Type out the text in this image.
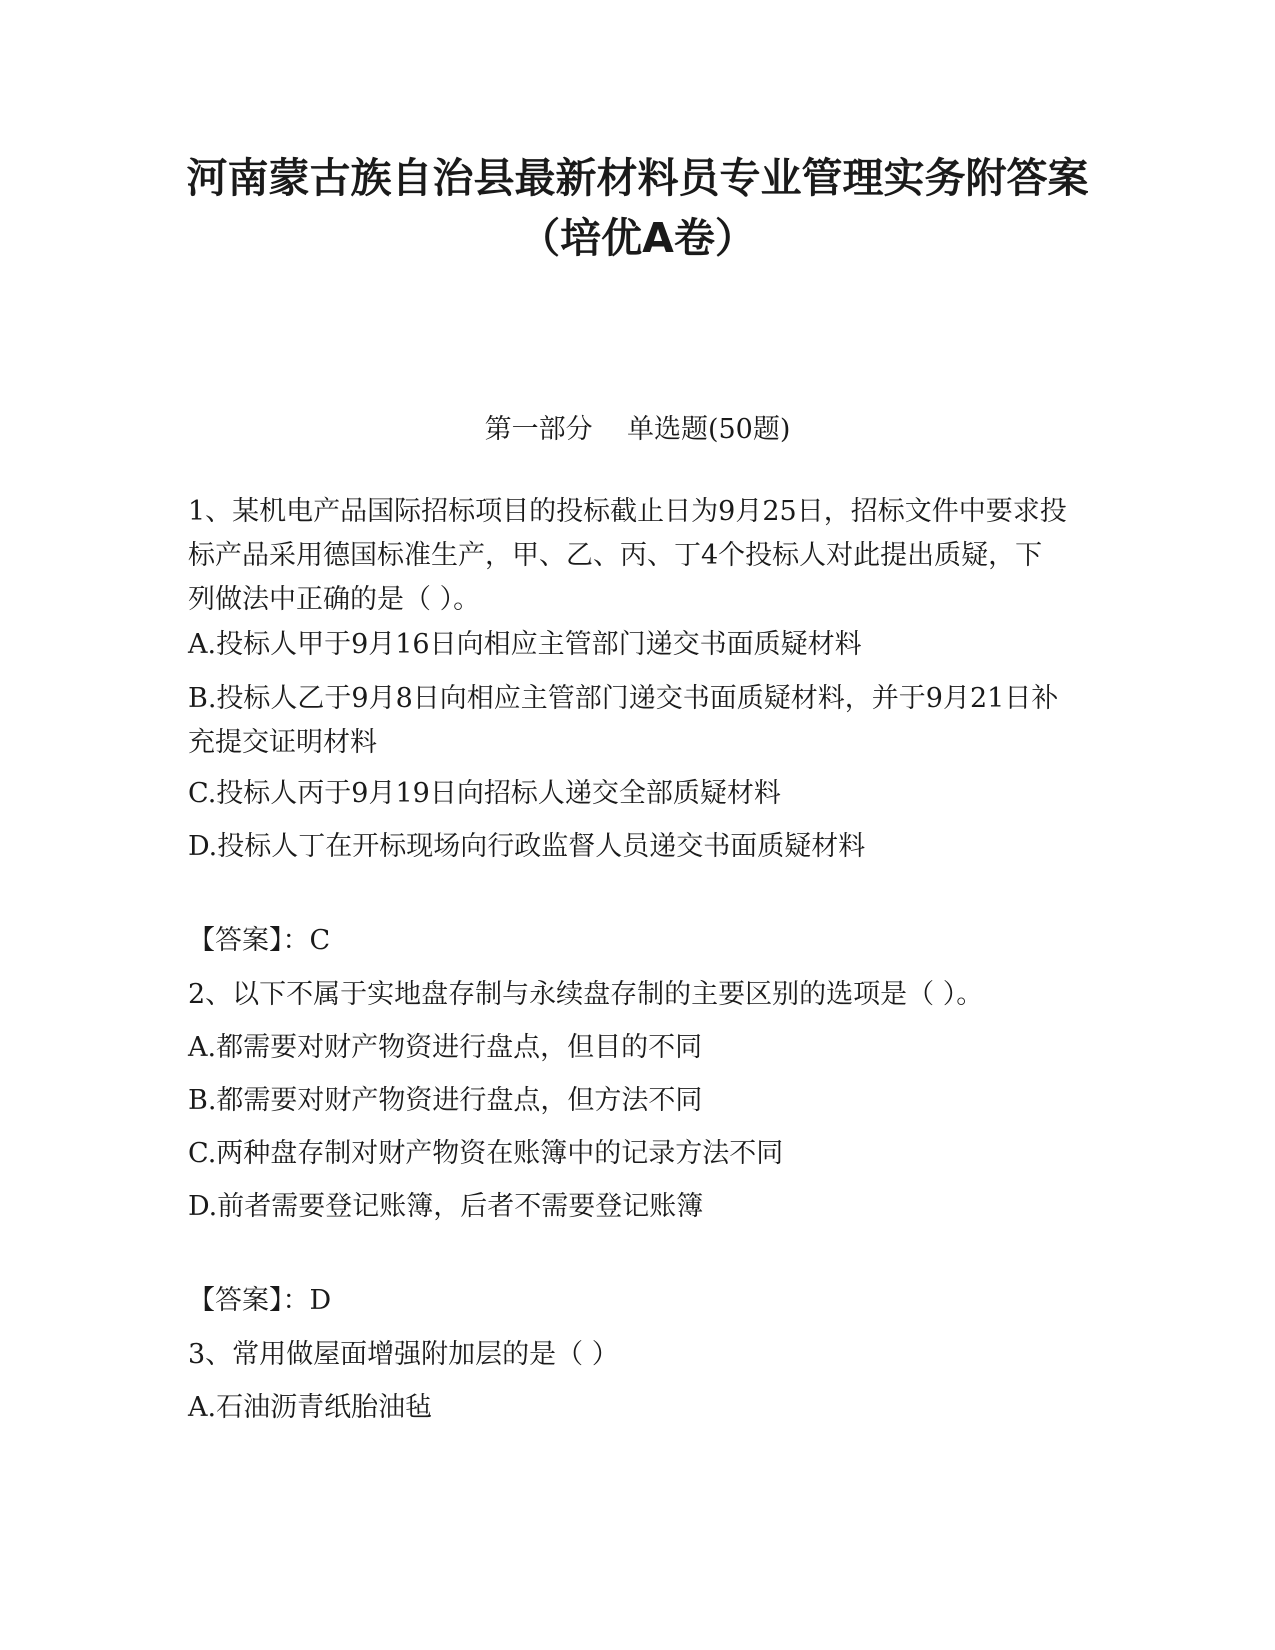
河南蒙古族自治县最新材料员专业管理实务附答案（培优A卷）

第一部分    单选题(50题)

1、某机电产品国际招标项目的投标截止日为9月25日，招标文件中要求投标产品采用德国标准生产，甲、乙、丙、丁4个投标人对此提出质疑，下列做法中正确的是（ ）。

A.投标人甲于9月16日向相应主管部门递交书面质疑材料

B.投标人乙于9月8日向相应主管部门递交书面质疑材料，并于9月21日补充提交证明材料

C.投标人丙于9月19日向招标人递交全部质疑材料

D.投标人丁在开标现场向行政监督人员递交书面质疑材料

【答案】：C

2、以下不属于实地盘存制与永续盘存制的主要区别的选项是（ ）。

A.都需要对财产物资进行盘点，但目的不同

B.都需要对财产物资进行盘点，但方法不同

C.两种盘存制对财产物资在账簿中的记录方法不同

D.前者需要登记账簿，后者不需要登记账簿

【答案】：D

3、常用做屋面增强附加层的是（ ）

A.石油沥青纸胎油毡
